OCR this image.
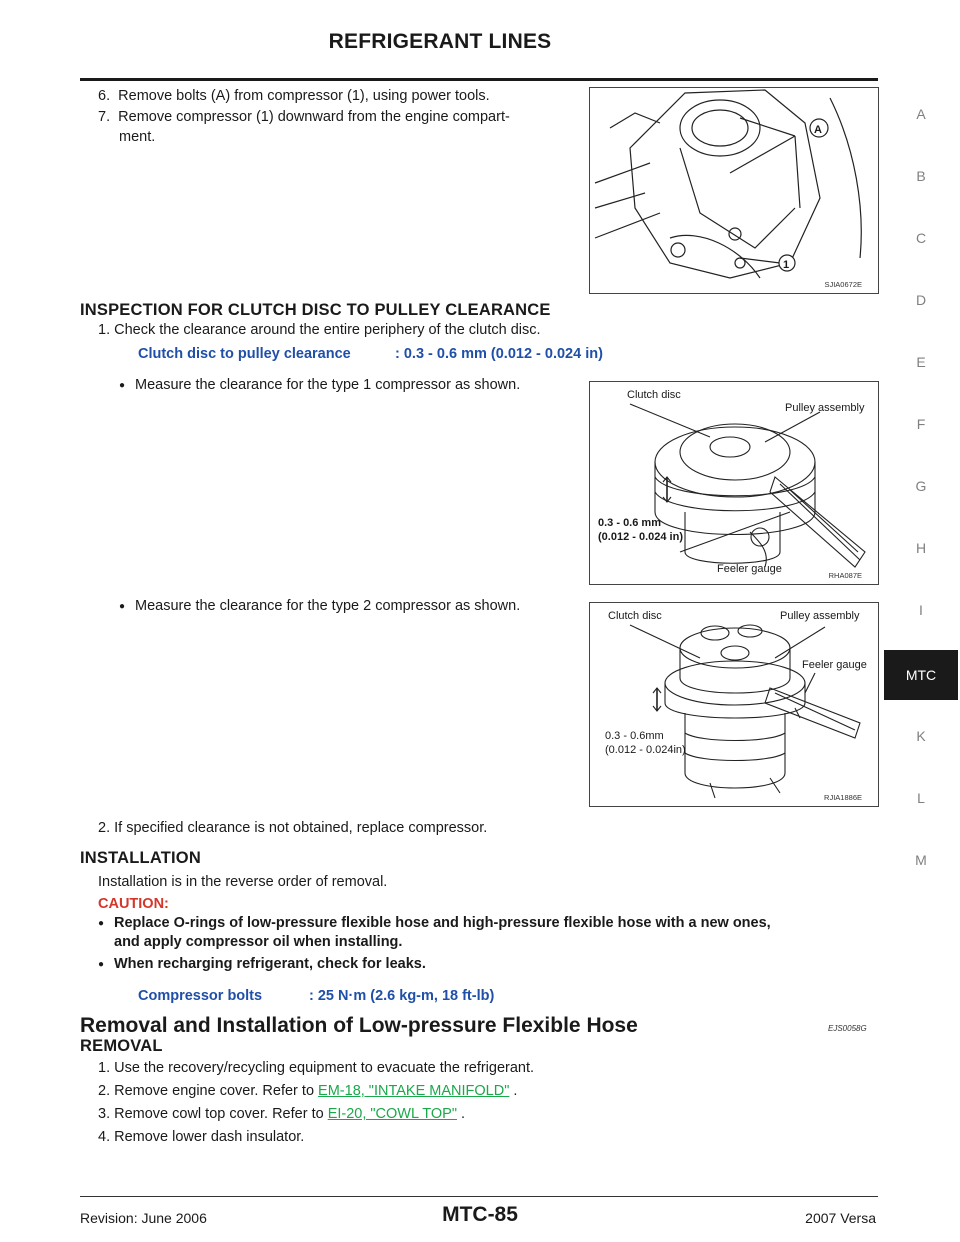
REFRIGERANT LINES
A
B
C
D
E
F
G
H
I
MTC
K
L
M
6. Remove bolts (A) from compressor (1), using power tools.
7. Remove compressor (1) downward from the engine compart-
ment.	A
1
SJIA0672E
INSPECTION FOR CLUTCH DISC TO PULLEY CLEARANCE
1. Check the clearance around the entire periphery of the clutch disc.
Clutch disc to pulley clearance	: 0.3 - 0.6 mm (0.012 - 0.024 in)
● Measure the clearance for the type 1 compressor as shown.
Clutch disc
Pulley assembly
0.3 - 0.6 mm
(0.012 - 0.024 in)
Feeler gauge
RHA087E
● Measure the clearance for the type 2 compressor as shown.
Clutch disc	Pulley assembly
Feeler gauge
0.3 - 0.6mm
(0.012 - 0.024in)
RJIA1886E
2. If specified clearance is not obtained, replace compressor.
INSTALLATION
Installation is in the reverse order of removal.
CAUTION:
● Replace O-rings of low-pressure flexible hose and high-pressure flexible hose with a new ones,
and apply compressor oil when installing.
● When recharging refrigerant, check for leaks.
Compressor bolts	: 25 N·m (2.6 kg-m, 18 ft-lb)
Removal and Installation of Low-pressure Flexible Hose	EJS0058G
REMOVAL
1. Use the recovery/recycling equipment to evacuate the refrigerant.
2. Remove engine cover. Refer to EM-18, "INTAKE MANIFOLD" .
3. Remove cowl top cover. Refer to EI-20, "COWL TOP" .
4. Remove lower dash insulator.
Revision: June 2006	MTC-85	2007 Versa
